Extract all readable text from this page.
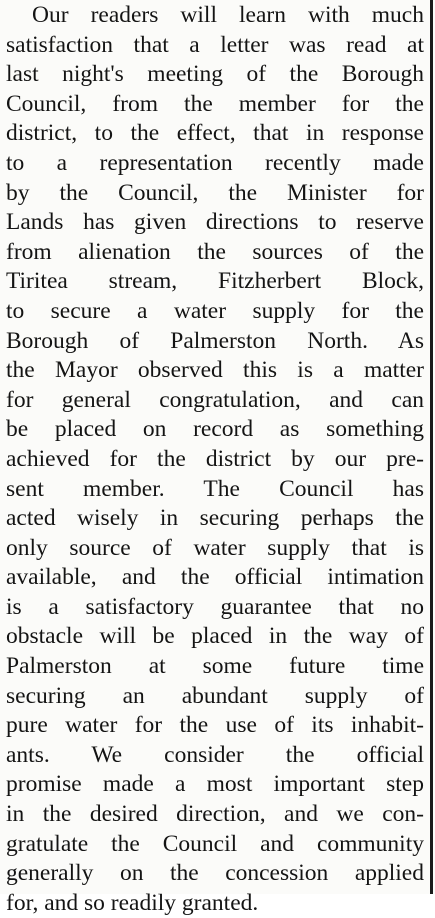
Our readers will learn with much
satisfaction that a letter was read at
last night's meeting of the Borough
Council, from the member for the
district, to the effect, that in response
to a representation recently made
by the Council, the Minister for
Lands has given directions to reserve
from alienation the sources of the
Tiritea stream, Fitzherbert Block,
to secure a water supply for the
Borough of Palmerston North. As
the Mayor observed this is a matter
for general congratulation, and can
be placed on record as something
achieved for the district by our pre-
sent member. The Council has
acted wisely in securing perhaps the
only source of water supply that is
available, and the official intimation
is a satisfactory guarantee that no
obstacle will be placed in the way of
Palmerston at some future time
securing an abundant supply of
pure water for the use of its inhabit-
ants. We consider the official
promise made a most important step
in the desired direction, and we con-
gratulate the Council and community
generally on the concession applied
for, and so readily granted.
